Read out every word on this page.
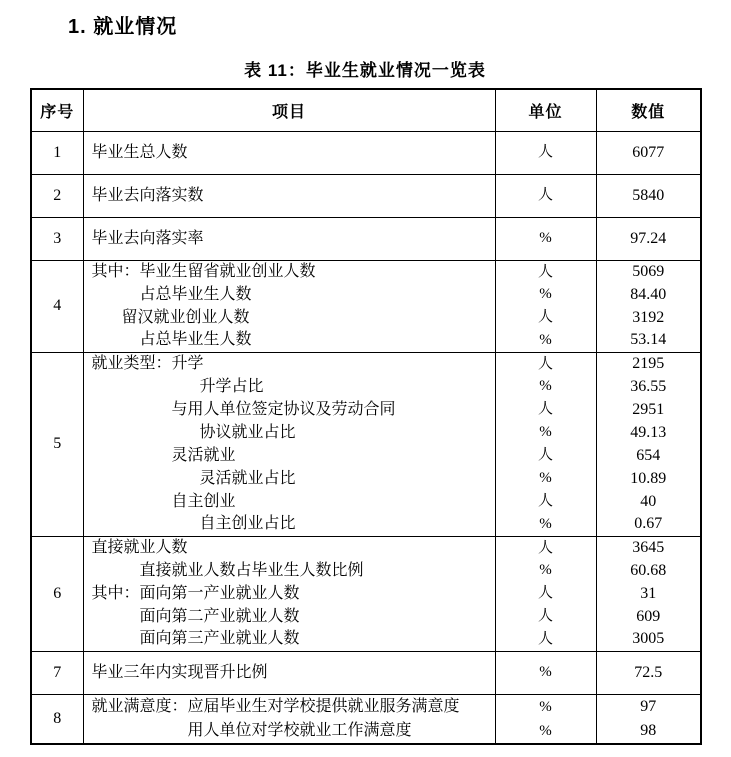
1. 就业情况
表 11：毕业生就业情况一览表
序号	项目	单位	数值
1	毕业生总人数	人	6077
2	毕业去向落实数	人	5840
3	毕业去向落实率	%	97.24
4	其中：毕业生留省就业创业人数	人	5069
	占总毕业生人数	%	84.40
	留汉就业创业人数	人	3192
	占总毕业生人数	%	53.14
5	就业类型：升学	人	2195
	升学占比	%	36.55
	与用人单位签定协议及劳动合同	人	2951
	协议就业占比	%	49.13
	灵活就业	人	654
	灵活就业占比	%	10.89
	自主创业	人	40
	自主创业占比	%	0.67
6	直接就业人数	人	3645
	直接就业人数占毕业生人数比例	%	60.68
	其中：面向第一产业就业人数	人	31
	面向第二产业就业人数	人	609
	面向第三产业就业人数	人	3005
7	毕业三年内实现晋升比例	%	72.5
8	就业满意度：应届毕业生对学校提供就业服务满意度	%	97
	用人单位对学校就业工作满意度	%	98
